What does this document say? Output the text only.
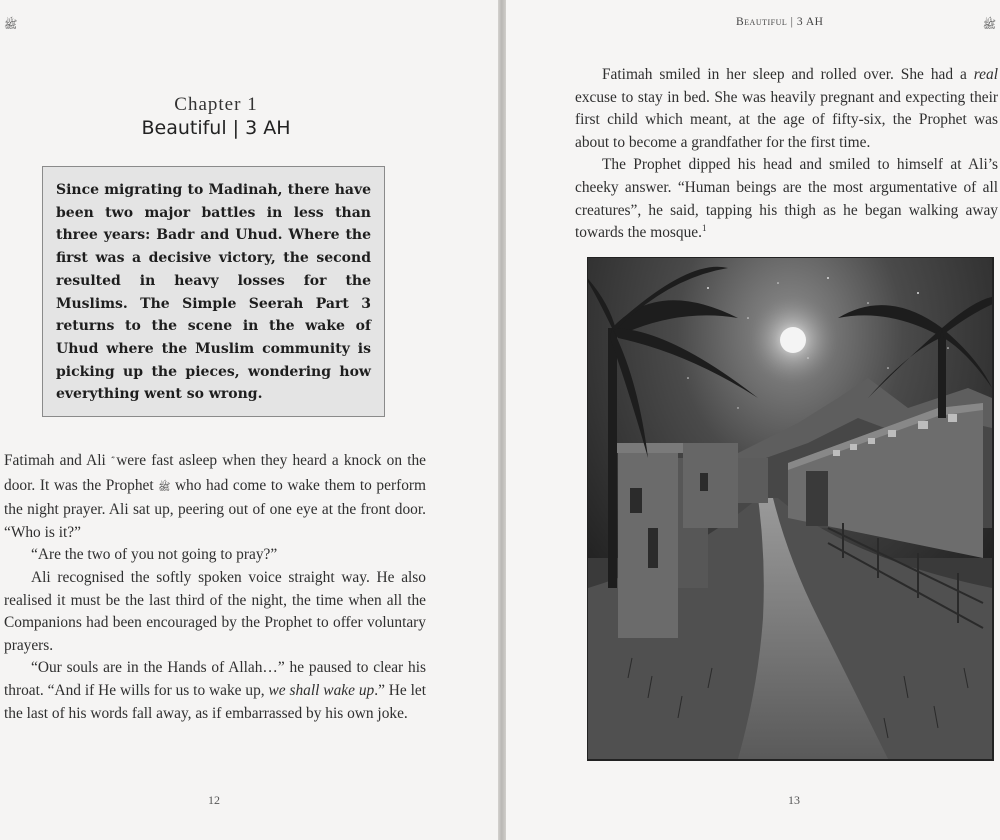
ﷺ
Chapter 1
Beautiful | 3 AH

Since migrating to Madinah, there have been two major battles in less than three years: Badr and Uhud. Where the first was a decisive victory, the second resulted in heavy losses for the Muslims. The Simple Seerah Part 3 returns to the scene in the wake of Uhud where the Muslim community is picking up the pieces, wondering how everything went so wrong.

Fatimah and Ali were fast asleep when they heard a knock on the door. It was the Prophet ﷺ who had come to wake them to perform the night prayer. Ali sat up, peering out of one eye at the front door. “Who is it?”

“Are the two of you not going to pray?”

Ali recognised the softly spoken voice straight way. He also realised it must be the last third of the night, the time when all the Companions had been encouraged by the Prophet to offer voluntary prayers.

“Our souls are in the Hands of Allah…” he paused to clear his throat. “And if He wills for us to wake up, we shall wake up.” He let the last of his words fall away, as if embarrassed by his own joke.

12
Beautiful | 3 AH	ﷺ

Fatimah smiled in her sleep and rolled over. She had a real excuse to stay in bed. She was heavily pregnant and expecting their first child which meant, at the age of fifty-six, the Prophet was about to become a grandfather for the first time.

The Prophet dipped his head and smiled to himself at Ali’s cheeky answer. “Human beings are the most argumentative of all creatures”, he said, tapping his thigh as he began walking away towards the mosque.$^1$

13
